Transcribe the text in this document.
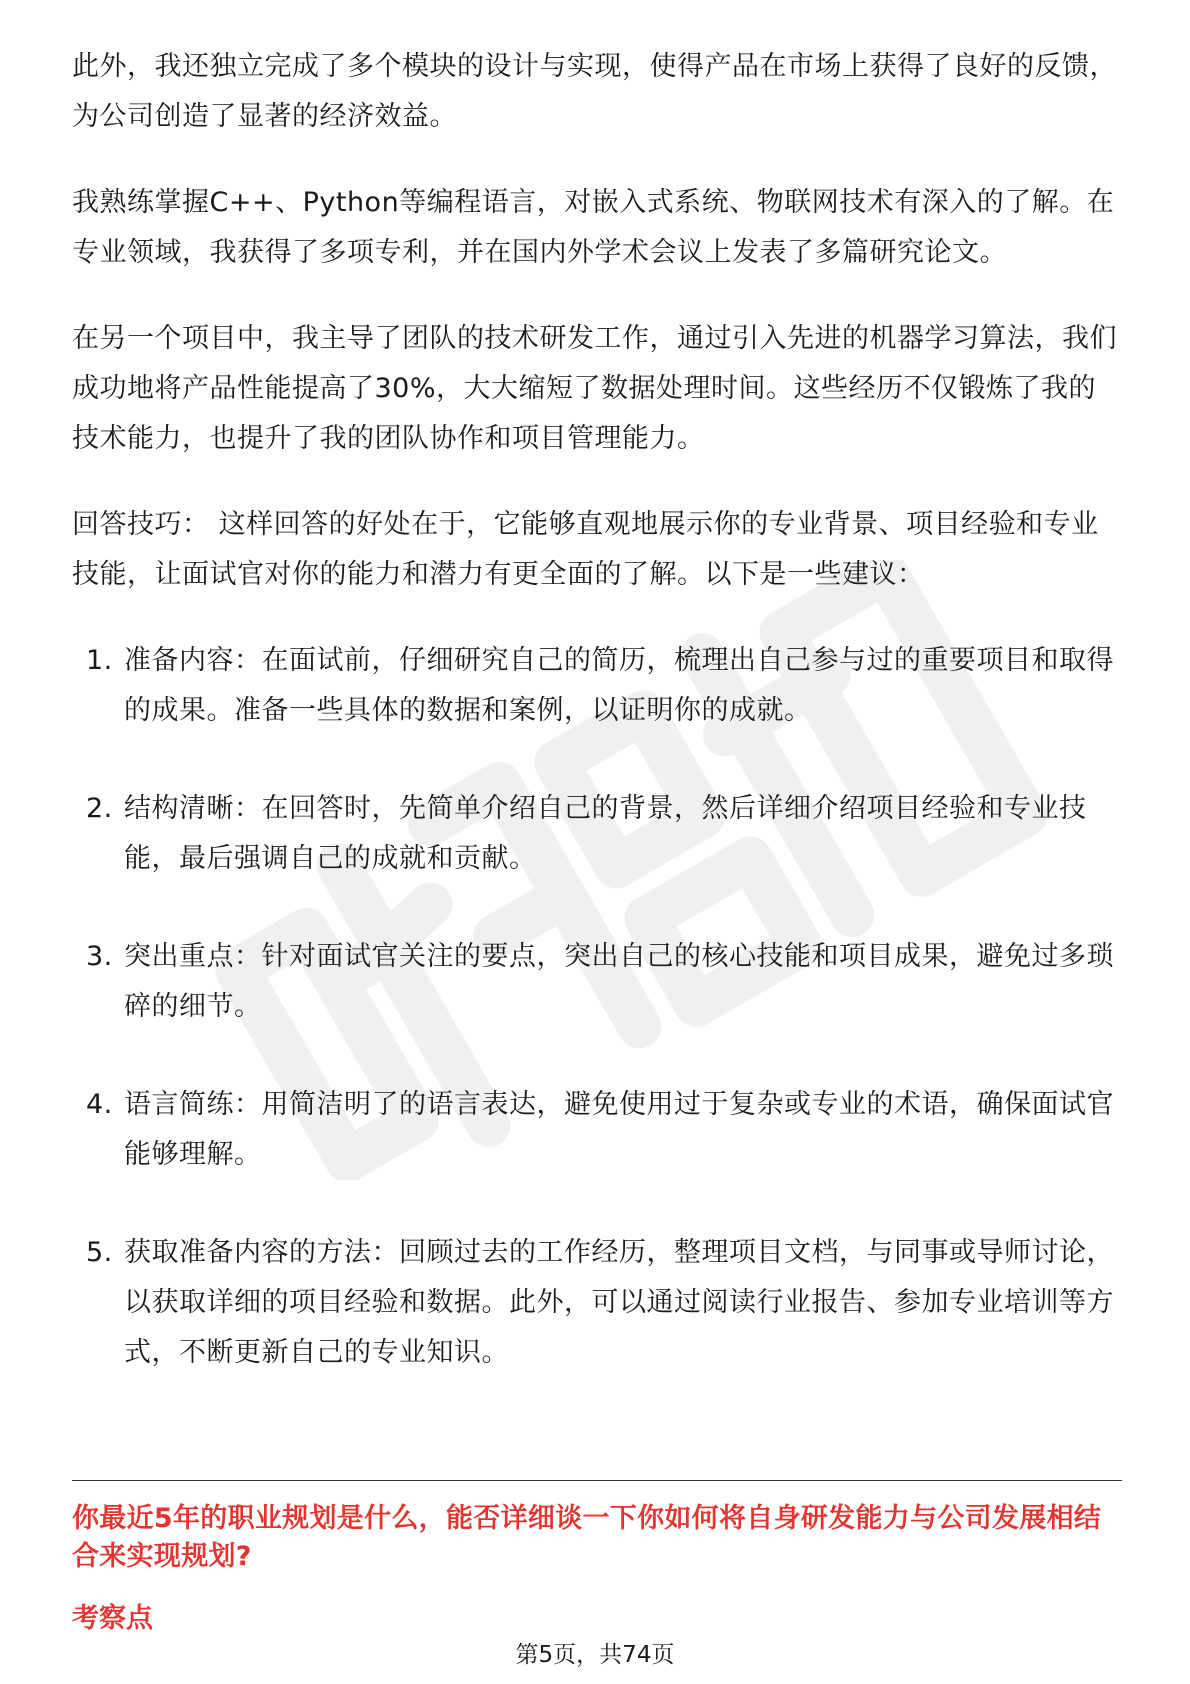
此外，我还独立完成了多个模块的设计与实现，使得产品在市场上获得了良好的反馈，为公司创造了显著的经济效益。

我熟练掌握C++、Python等编程语言，对嵌入式系统、物联网技术有深入的了解。在专业领域，我获得了多项专利，并在国内外学术会议上发表了多篇研究论文。

在另一个项目中，我主导了团队的技术研发工作，通过引入先进的机器学习算法，我们成功地将产品性能提高了30%，大大缩短了数据处理时间。这些经历不仅锻炼了我的技术能力，也提升了我的团队协作和项目管理能力。

回答技巧： 这样回答的好处在于，它能够直观地展示你的专业背景、项目经验和专业技能，让面试官对你的能力和潜力有更全面的了解。以下是一些建议：

1. 准备内容：在面试前，仔细研究自己的简历，梳理出自己参与过的重要项目和取得的成果。准备一些具体的数据和案例，以证明你的成就。
2. 结构清晰：在回答时，先简单介绍自己的背景，然后详细介绍项目经验和专业技能，最后强调自己的成就和贡献。
3. 突出重点：针对面试官关注的要点，突出自己的核心技能和项目成果，避免过多琐碎的细节。
4. 语言简练：用简洁明了的语言表达，避免使用过于复杂或专业的术语，确保面试官能够理解。
5. 获取准备内容的方法：回顾过去的工作经历，整理项目文档，与同事或导师讨论，以获取详细的项目经验和数据。此外，可以通过阅读行业报告、参加专业培训等方式，不断更新自己的专业知识。
你最近5年的职业规划是什么，能否详细谈一下你如何将自身研发能力与公司发展相结合来实现规划?
考察点
第5页，共74页
